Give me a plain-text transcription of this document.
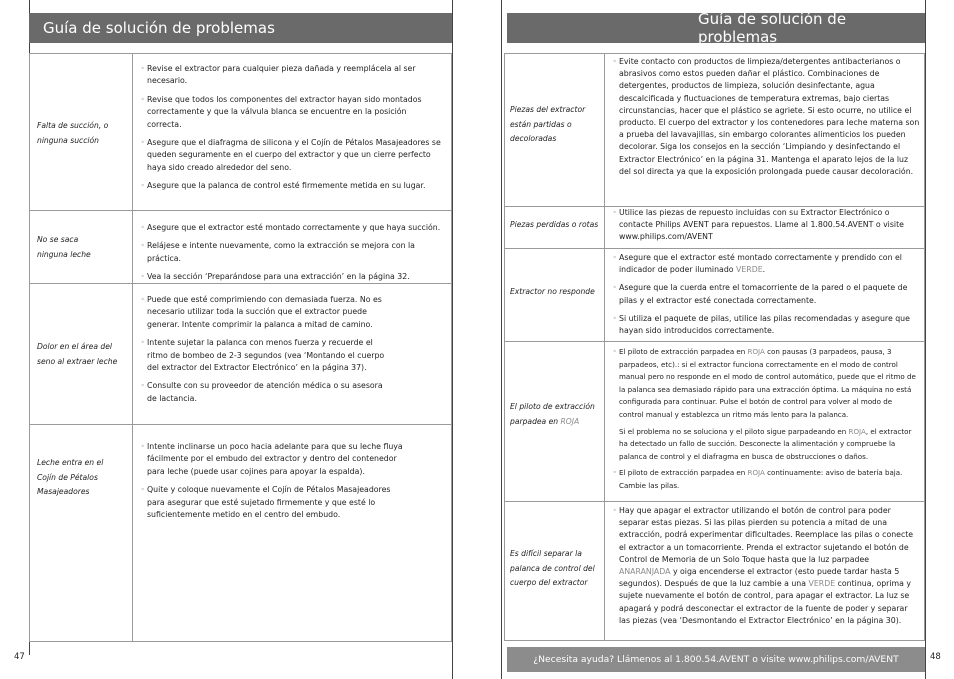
Guía de solución de problemas
Falta de succión, o ninguna succión

◦ Revise el extractor para cualquier pieza dañada y reemplácela al ser necesario.

◦ Revise que todos los componentes del extractor hayan sido montados correctamente y que la válvula blanca se encuentre en la posición correcta.

◦ Asegure que el diafragma de silicona y el Cojín de Pétalos Masajeadores se queden seguramente en el cuerpo del extractor y que un cierre perfecto haya sido creado alrededor del seno.

◦ Asegure que la palanca de control esté firmemente metida en su lugar.

No se saca ninguna leche

◦ Asegure que el extractor esté montado correctamente y que haya succión.

◦ Relájese e intente nuevamente, como la extracción se mejora con la práctica.

◦ Vea la sección ‘Preparándose para una extracción’ en la página 32.

Dolor en el área del seno al extraer leche

◦ Puede que esté comprimiendo con demasiada fuerza. No es necesario utilizar toda la succión que el extractor puede generar. Intente comprimir la palanca a mitad de camino.

◦ Intente sujetar la palanca con menos fuerza y recuerde el ritmo de bombeo de 2-3 segundos (vea ‘Montando el cuerpo del extractor del Extractor Electrónico’ en la página 37).

◦ Consulte con su proveedor de atención médica o su asesora de lactancia.

Leche entra en el Cojín de Pétalos Masajeadores

◦ Intente inclinarse un poco hacia adelante para que su leche fluya fácilmente por el embudo del extractor y dentro del contenedor para leche (puede usar cojines para apoyar la espalda).

◦ Quite y coloque nuevamente el Cojín de Pétalos Masajeadores para asegurar que esté sujetado firmemente y que esté lo suficientemente metido en el centro del embudo.

47
Guía de solución de problemas
Piezas del extractor están partidas o decoloradas

◦ Evite contacto con productos de limpieza/detergentes antibacterianos o abrasivos como estos pueden dañar el plástico. Combinaciones de detergentes, productos de limpieza, solución desinfectante, agua descalcificada y fluctuaciones de temperatura extremas, bajo ciertas circunstancias, hacer que el plástico se agriete. Si esto ocurre, no utilice el producto. El cuerpo del extractor y los contenedores para leche materna son a prueba del lavavajillas, sin embargo colorantes alimenticios los pueden decolorar. Siga los consejos en la sección ‘Limpiando y desinfectando el Extractor Electrónico’ en la página 31. Mantenga el aparato lejos de la luz del sol directa ya que la exposición prolongada puede causar decoloración.

Piezas perdidas o rotas

◦ Utilice las piezas de repuesto incluidas con su Extractor Electrónico o contacte Philips AVENT para repuestos. Llame al 1.800.54.AVENT o visite www.philips.com/AVENT

Extractor no responde

◦ Asegure que el extractor esté montado correctamente y prendido con el indicador de poder iluminado VERDE.

◦ Asegure que la cuerda entre el tomacorriente de la pared o el paquete de pilas y el extractor esté conectada correctamente.

◦ Si utiliza el paquete de pilas, utilice las pilas recomendadas y asegure que hayan sido introducidos correctamente.

El piloto de extracción parpadea en ROJA

◦ El piloto de extracción parpadea en ROJA con pausas (3 parpadeos, pausa, 3 parpadeos, etc).: si el extractor funciona correctamente en el modo de control manual pero no responde en el modo de control automático, puede que el ritmo de la palanca sea demasiado rápido para una extracción óptima. La máquina no está configurada para continuar. Pulse el botón de control para volver al modo de control manual y establezca un ritmo más lento para la palanca.

Si el problema no se soluciona y el piloto sigue parpadeando en ROJA, el extractor ha detectado un fallo de succión. Desconecte la alimentación y compruebe la palanca de control y el diafragma en busca de obstrucciones o daños.

◦ El piloto de extracción parpadea en ROJA continuamente: aviso de batería baja. Cambie las pilas.

Es difícil separar la palanca de control del cuerpo del extractor

◦ Hay que apagar el extractor utilizando el botón de control para poder separar estas piezas. Si las pilas pierden su potencia a mitad de una extracción, podrá experimentar dificultades. Reemplace las pilas o conecte el extractor a un tomacorriente. Prenda el extractor sujetando el botón de Control de Memoria de un Solo Toque hasta que la luz parpadee ANARANJADA y oiga encenderse el extractor (esto puede tardar hasta 5 segundos). Después de que la luz cambie a una VERDE continua, oprima y sujete nuevamente el botón de control, para apagar el extractor. La luz se apagará y podrá desconectar el extractor de la fuente de poder y separar las piezas (vea ‘Desmontando el Extractor Electrónico’ en la página 30).

¿Necesita ayuda? Llámenos al 1.800.54.AVENT o visite www.philips.com/AVENT	48
